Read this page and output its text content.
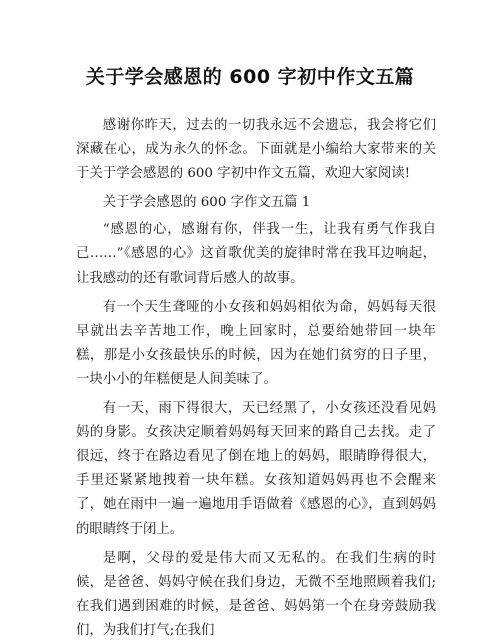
关于学会感恩的 600 字初中作文五篇

感谢你昨天，过去的一切我永远不会遗忘，我会将它们深藏在心，成为永久的怀念。下面就是小编给大家带来的关于关于学会感恩的 600 字初中作文五篇，欢迎大家阅读!

关于学会感恩的 600 字作文五篇 1

“感恩的心，感谢有你，伴我一生，让我有勇气作我自己……”《感恩的心》这首歌优美的旋律时常在我耳边响起，让我感动的还有歌词背后感人的故事。

有一个天生聋哑的小女孩和妈妈相依为命，妈妈每天很早就出去辛苦地工作，晚上回家时，总要给她带回一块年糕，那是小女孩最快乐的时候，因为在她们贫穷的日子里，一块小小的年糕便是人间美味了。

有一天，雨下得很大，天已经黑了，小女孩还没看见妈妈的身影。女孩决定顺着妈妈每天回来的路自己去找。走了很远，终于在路边看见了倒在地上的妈妈，眼睛睁得很大，手里还紧紧地拽着一块年糕。女孩知道妈妈再也不会醒来了，她在雨中一遍一遍地用手语做着《感恩的心》，直到妈妈的眼睛终于闭上。

是啊，父母的爱是伟大而又无私的。在我们生病的时候，是爸爸、妈妈守候在我们身边，无微不至地照顾着我们;在我们遇到困难的时候，是爸爸、妈妈第一个在身旁鼓励我们，为我们打气;在我们
